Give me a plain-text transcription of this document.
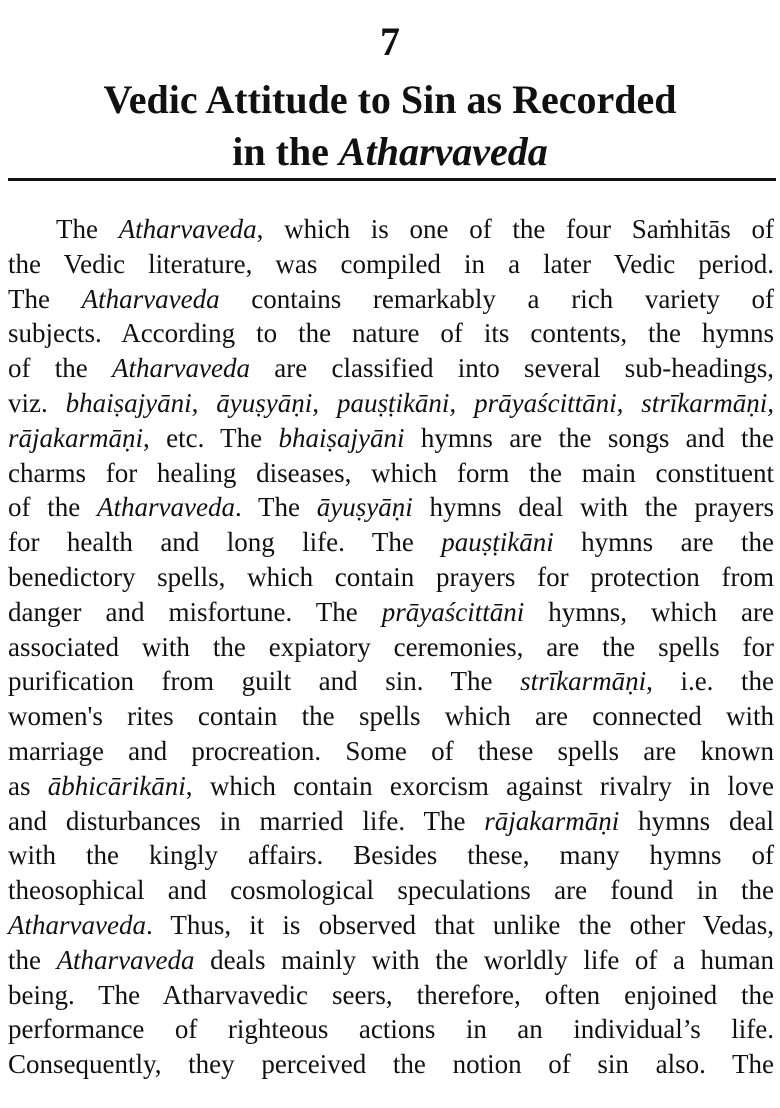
7
Vedic Attitude to Sin as Recorded
in the Atharvaveda
The Atharvaveda, which is one of the four Saṁhitās of
the Vedic literature, was compiled in a later Vedic period.
The Atharvaveda contains remarkably a rich variety of
subjects. According to the nature of its contents, the hymns
of the Atharvaveda are classified into several sub-headings,
viz. bhaiṣajyāni, āyuṣyāṇi, pauṣṭikāni, prāyaścittāni, strīkarmāṇi,
rājakarmāṇi, etc. The bhaiṣajyāni hymns are the songs and the
charms for healing diseases, which form the main constituent
of the Atharvaveda. The āyuṣyāṇi hymns deal with the prayers
for health and long life. The pauṣṭikāni hymns are the
benedictory spells, which contain prayers for protection from
danger and misfortune. The prāyaścittāni hymns, which are
associated with the expiatory ceremonies, are the spells for
purification from guilt and sin. The strīkarmāṇi, i.e. the
women's rites contain the spells which are connected with
marriage and procreation. Some of these spells are known
as ābhicārikāni, which contain exorcism against rivalry in love
and disturbances in married life. The rājakarmāṇi hymns deal
with the kingly affairs. Besides these, many hymns of
theosophical and cosmological speculations are found in the
Atharvaveda. Thus, it is observed that unlike the other Vedas,
the Atharvaveda deals mainly with the worldly life of a human
being. The Atharvavedic seers, therefore, often enjoined the
performance of righteous actions in an individual’s life.
Consequently, they perceived the notion of sin also. The
